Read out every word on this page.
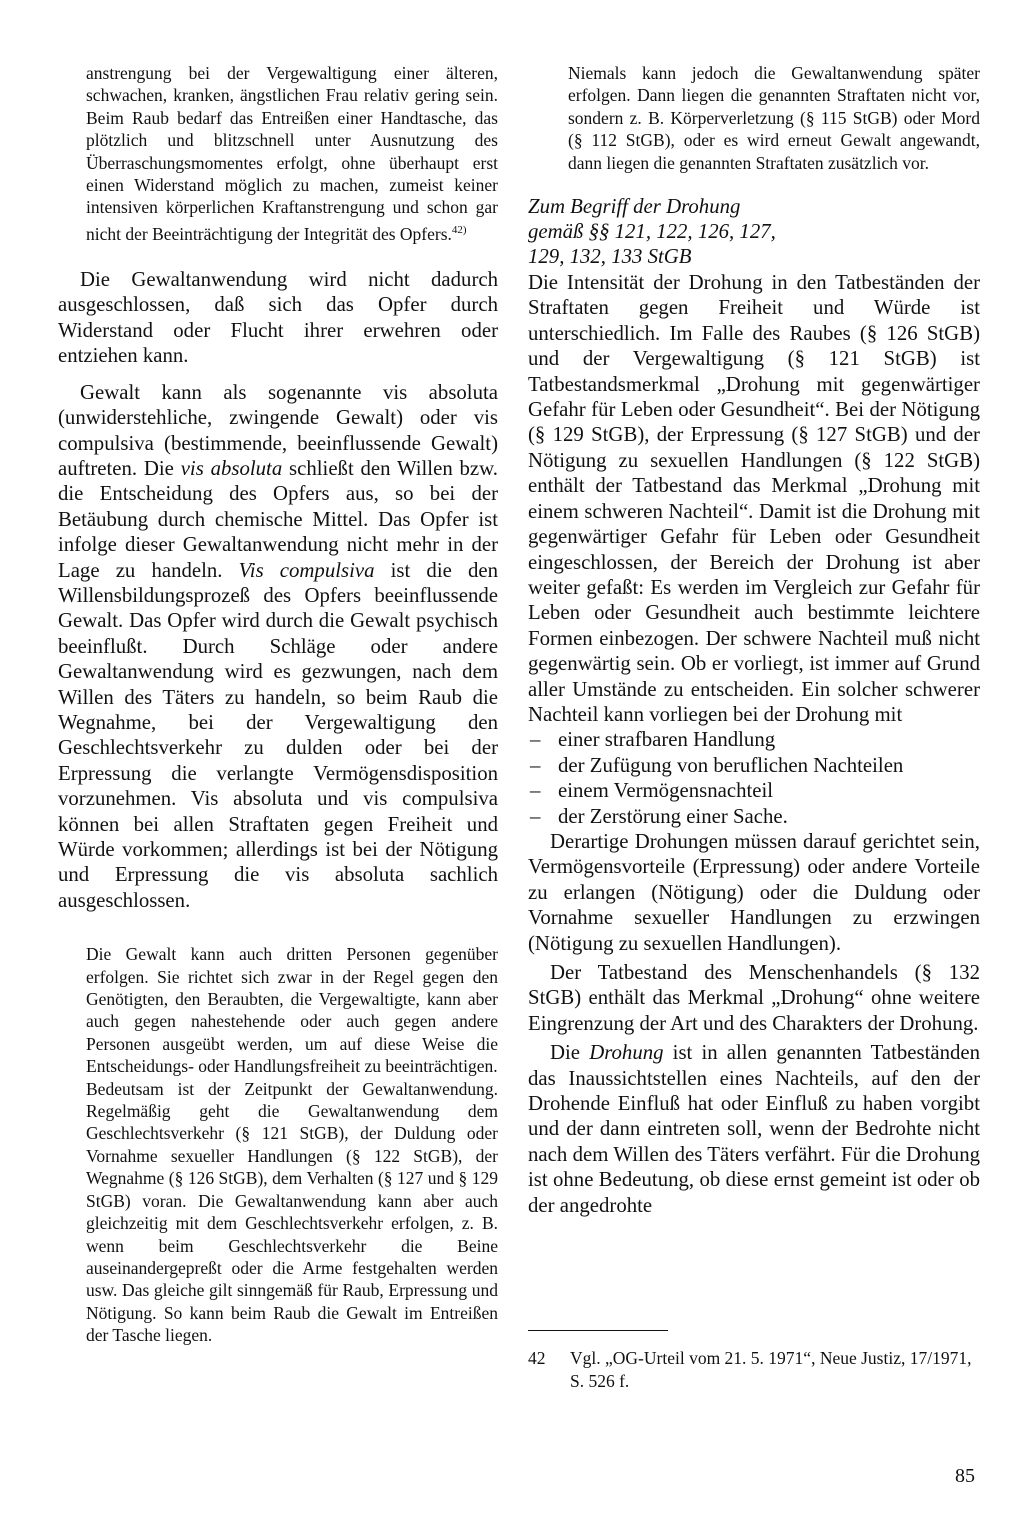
anstrengung bei der Vergewaltigung einer älteren, schwachen, kranken, ängstlichen Frau relativ gering sein. Beim Raub bedarf das Entreißen einer Handtasche, das plötzlich und blitzschnell unter Ausnutzung des Überraschungsmomentes erfolgt, ohne überhaupt erst einen Widerstand möglich zu machen, zumeist keiner intensiven körperlichen Kraftanstrengung und schon gar nicht der Beeinträchtigung der Integrität des Opfers.$^{42)}$

Die Gewaltanwendung wird nicht dadurch ausgeschlossen, daß sich das Opfer durch Widerstand oder Flucht ihrer erwehren oder entziehen kann.

Gewalt kann als sogenannte vis absoluta (unwiderstehliche, zwingende Gewalt) oder vis compulsiva (bestimmende, beeinflussende Gewalt) auftreten. Die vis absoluta schließt den Willen bzw. die Entscheidung des Opfers aus, so bei der Betäubung durch chemische Mittel. Das Opfer ist infolge dieser Gewaltanwendung nicht mehr in der Lage zu handeln. Vis compulsiva ist die den Willensbildungsprozeß des Opfers beeinflussende Gewalt. Das Opfer wird durch die Gewalt psychisch beeinflußt. Durch Schläge oder andere Gewaltanwendung wird es gezwungen, nach dem Willen des Täters zu handeln, so beim Raub die Wegnahme, bei der Vergewaltigung den Geschlechtsverkehr zu dulden oder bei der Erpressung die verlangte Vermögensdisposition vorzunehmen. Vis absoluta und vis compulsiva können bei allen Straftaten gegen Freiheit und Würde vorkommen; allerdings ist bei der Nötigung und Erpressung die vis absoluta sachlich ausgeschlossen.

Die Gewalt kann auch dritten Personen gegenüber erfolgen. Sie richtet sich zwar in der Regel gegen den Genötigten, den Beraubten, die Vergewaltigte, kann aber auch gegen nahestehende oder auch gegen andere Personen ausgeübt werden, um auf diese Weise die Entscheidungs- oder Handlungsfreiheit zu beeinträchtigen.

Bedeutsam ist der Zeitpunkt der Gewaltanwendung. Regelmäßig geht die Gewaltanwendung dem Geschlechtsverkehr (§ 121 StGB), der Duldung oder Vornahme sexueller Handlungen (§ 122 StGB), der Wegnahme (§ 126 StGB), dem Verhalten (§ 127 und § 129 StGB) voran. Die Gewaltanwendung kann aber auch gleichzeitig mit dem Geschlechtsverkehr erfolgen, z. B. wenn beim Geschlechtsverkehr die Beine auseinandergepreßt oder die Arme festgehalten werden usw. Das gleiche gilt sinngemäß für Raub, Erpressung und Nötigung. So kann beim Raub die Gewalt im Entreißen der Tasche liegen.

Niemals kann jedoch die Gewaltanwendung später erfolgen. Dann liegen die genannten Straftaten nicht vor, sondern z. B. Körperverletzung (§ 115 StGB) oder Mord (§ 112 StGB), oder es wird erneut Gewalt angewandt, dann liegen die genannten Straftaten zusätzlich vor.

Zum Begriff der Drohung
gemäß §§ 121, 122, 126, 127,
129, 132, 133 StGB

Die Intensität der Drohung in den Tatbeständen der Straftaten gegen Freiheit und Würde ist unterschiedlich. Im Falle des Raubes (§ 126 StGB) und der Vergewaltigung (§ 121 StGB) ist Tatbestandsmerkmal „Drohung mit gegenwärtiger Gefahr für Leben oder Gesundheit“. Bei der Nötigung (§ 129 StGB), der Erpressung (§ 127 StGB) und der Nötigung zu sexuellen Handlungen (§ 122 StGB) enthält der Tatbestand das Merkmal „Drohung mit einem schweren Nachteil“. Damit ist die Drohung mit gegenwärtiger Gefahr für Leben oder Gesundheit eingeschlossen, der Bereich der Drohung ist aber weiter gefaßt: Es werden im Vergleich zur Gefahr für Leben oder Gesundheit auch bestimmte leichtere Formen einbezogen. Der schwere Nachteil muß nicht gegenwärtig sein. Ob er vorliegt, ist immer auf Grund aller Umstände zu entscheiden. Ein solcher schwerer Nachteil kann vorliegen bei der Drohung mit

– einer strafbaren Handlung
– der Zufügung von beruflichen Nachteilen
– einem Vermögensnachteil
– der Zerstörung einer Sache.

Derartige Drohungen müssen darauf gerichtet sein, Vermögensvorteile (Erpressung) oder andere Vorteile zu erlangen (Nötigung) oder die Duldung oder Vornahme sexueller Handlungen zu erzwingen (Nötigung zu sexuellen Handlungen).

Der Tatbestand des Menschenhandels (§ 132 StGB) enthält das Merkmal „Drohung“ ohne weitere Eingrenzung der Art und des Charakters der Drohung.

Die Drohung ist in allen genannten Tatbeständen das Inaussichtstellen eines Nachteils, auf den der Drohende Einfluß hat oder Einfluß zu haben vorgibt und der dann eintreten soll, wenn der Bedrohte nicht nach dem Willen des Täters verfährt. Für die Drohung ist ohne Bedeutung, ob diese ernst gemeint ist oder ob der angedrohte

42	Vgl. „OG-Urteil vom 21. 5. 1971“, Neue Justiz, 17/1971, S. 526 f.
85
